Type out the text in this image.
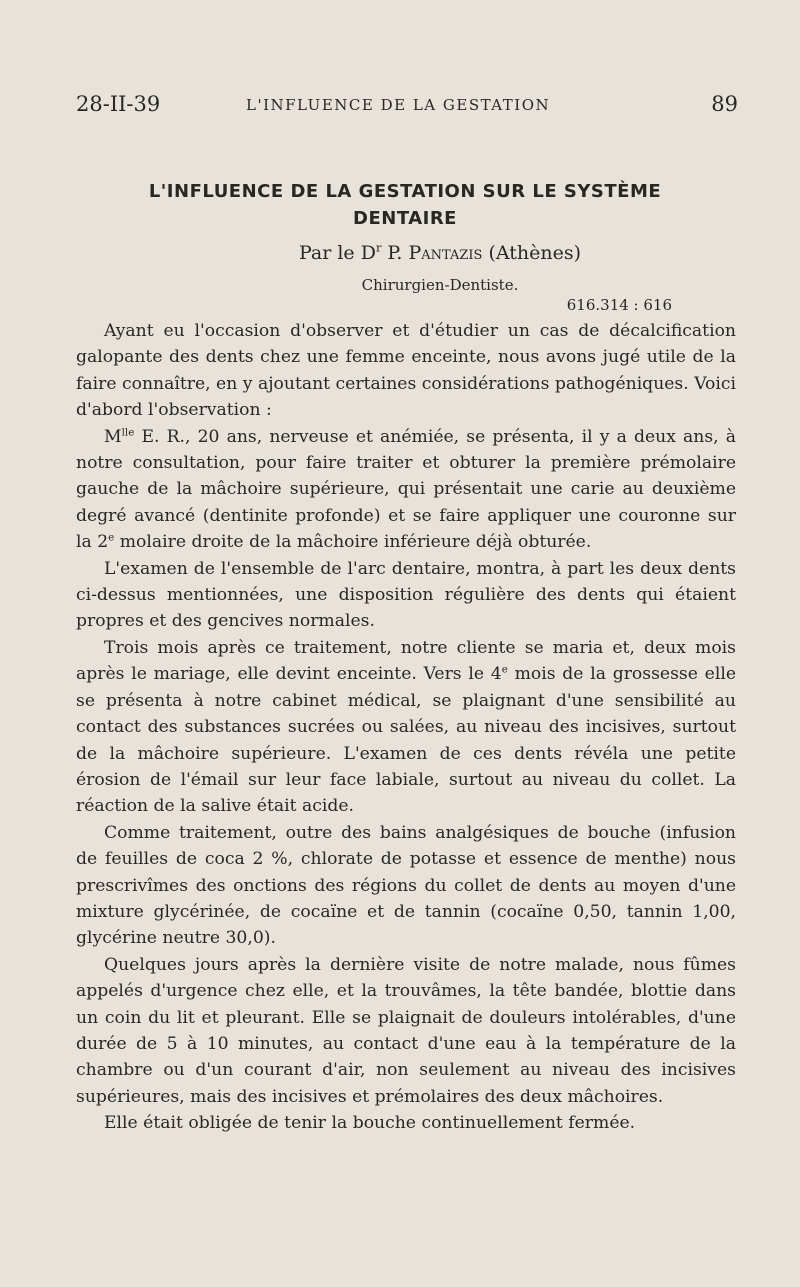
28-II-39	L'INFLUENCE DE LA GESTATION	89
L'INFLUENCE DE LA GESTATION SUR LE SYSTÈME
DENTAIRE
Par le $D^r$ P. Pantazis (Athènes)
Chirurgien-Dentiste.
616.314 : 616

Ayant eu l'occasion d'observer et d'étudier un cas de décalcification galopante des dents chez une femme enceinte, nous avons jugé utile de la faire connaître, en y ajoutant certaines considérations pathogéniques. Voici d'abord l'observation :

$M^{lle}$ E. R., 20 ans, nerveuse et anémiée, se présenta, il y a deux ans, à notre consultation, pour faire traiter et obturer la première prémolaire gauche de la mâchoire supérieure, qui présentait une carie au deuxième degré avancé (dentinite profonde) et se faire appliquer une couronne sur la 2e molaire droite de la mâchoire inférieure déjà obturée.

L'examen de l'ensemble de l'arc dentaire, montra, à part les deux dents ci-dessus mentionnées, une disposition régulière des dents qui étaient propres et des gencives normales.

Trois mois après ce traitement, notre cliente se maria et, deux mois après le mariage, elle devint enceinte. Vers le 4e mois de la grossesse elle se présenta à notre cabinet médical, se plaignant d'une sensibilité au contact des substances sucrées ou salées, au niveau des incisives, surtout de la mâchoire supérieure. L'examen de ces dents révéla une petite érosion de l'émail sur leur face labiale, surtout au niveau du collet. La réaction de la salive était acide.

Comme traitement, outre des bains analgésiques de bouche (infusion de feuilles de coca 2 %, chlorate de potasse et essence de menthe) nous prescrivîmes des onctions des régions du collet de dents au moyen d'une mixture glycérinée, de cocaïne et de tannin (cocaïne 0,50, tannin 1,00, glycérine neutre 30,0).

Quelques jours après la dernière visite de notre malade, nous fûmes appelés d'urgence chez elle, et la trouvâmes, la tête bandée, blottie dans un coin du lit et pleurant. Elle se plaignait de douleurs intolérables, d'une durée de 5 à 10 minutes, au contact d'une eau à la température de la chambre ou d'un courant d'air, non seulement au niveau des incisives supérieures, mais des incisives et prémolaires des deux mâchoires.

Elle était obligée de tenir la bouche continuellement fermée.
